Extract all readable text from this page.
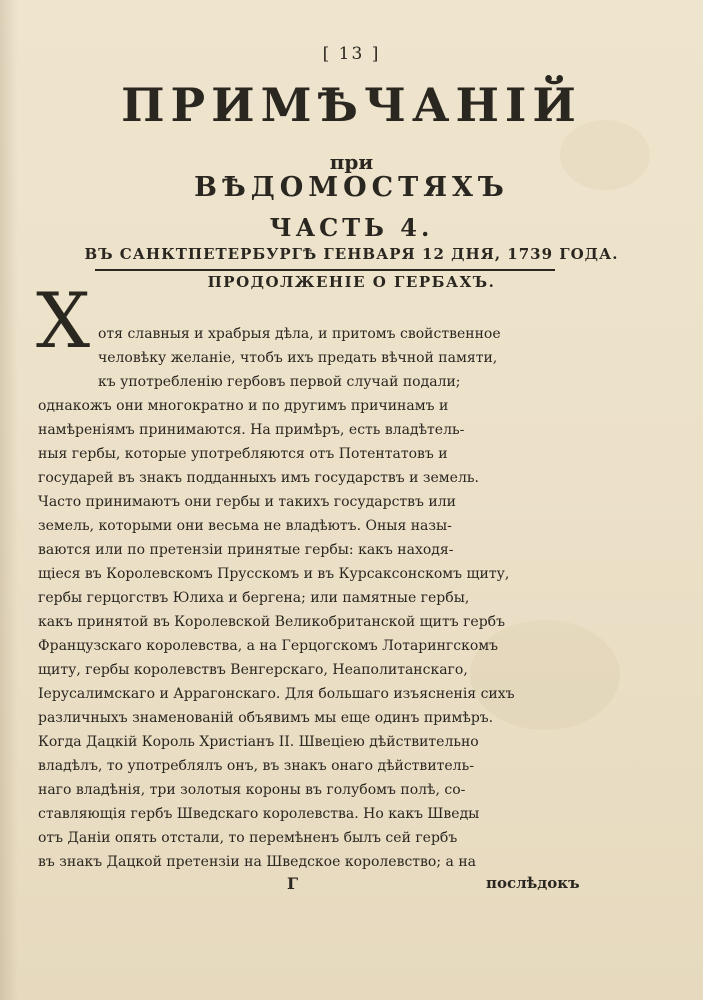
[ 13 ]
ПРИМѢЧАНІЙ
при
ВѢДОМОСТЯХЪ
ЧАСТЬ 4.
ВЪ САНКТПЕТЕРБУРГѢ ГЕНВАРЯ 12 ДНЯ, 1739 ГОДА.
ПРОДОЛЖЕНІЕ О ГЕРБАХЪ.
Х отя славныя и храбрыя дѣла, и притомъ свойственное
человѣку желаніе, чтобъ ихъ предать вѣчной памяти,
къ употребленію гербовъ первой случай подали;
однакожъ они многократно и по другимъ причинамъ и
намѣреніямъ принимаются. На примѣръ, есть владѣтель-
ныя гербы, которые употребляются отъ Потентатовъ и
государей въ знакъ подданныхъ имъ государствъ и земель.
Часто принимаютъ они гербы и такихъ государствъ или
земель, которыми они весьма не владѣютъ. Оныя назы-
ваются или по претензіи принятые гербы: какъ находя-
щіеся въ Королевскомъ Прусскомъ и въ Курсаксонскомъ щиту,
гербы герцогствъ Юлиха и бергена; или памятные гербы,
какъ принятой въ Королевской Великобританской щитъ гербъ
Французскаго королевства, а на Герцогскомъ Лотарингскомъ
щиту, гербы королевствъ Венгерскаго, Неаполитанскаго,
Іерусалимскаго и Аррагонскаго. Для большаго изъясненія сихъ
различныхъ знаменованій объявимъ мы еще одинъ примѣръ.
Когда Дацкій Король Христіанъ II. Швеціею дѣйствительно
владѣлъ, то употреблялъ онъ, въ знакъ онаго дѣйствитель-
наго владѣнія, три золотыя короны въ голубомъ полѣ, со-
ставляющія гербъ Шведскаго королевства. Но какъ Шведы
отъ Даніи опять отстали, то перемѣненъ былъ сей гербъ
въ знакъ Дацкой претензіи на Шведское королевство; а на
Г	послѣдокъ
